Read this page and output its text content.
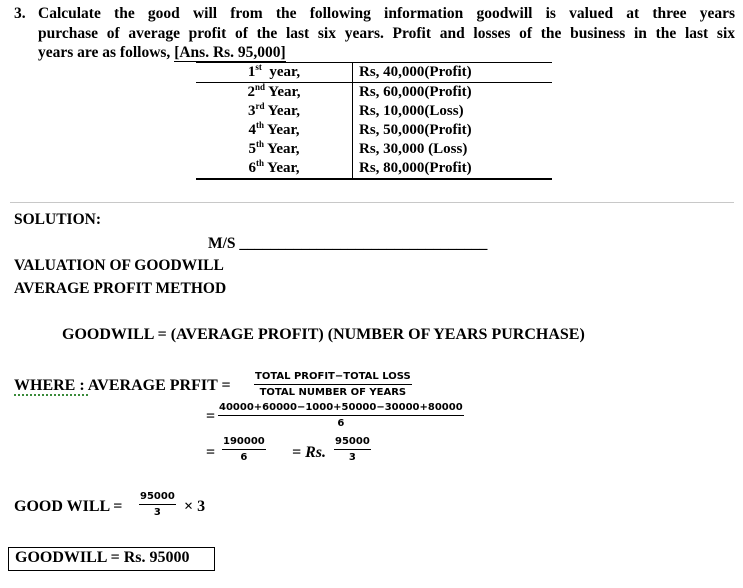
3. Calculate the good will from the following information goodwill is valued at three years
purchase of average profit of the last six years. Profit and losses of the business in the last six
years are as follows, [Ans. Rs. 95,000]
1st  year,	Rs, 40,000(Profit)
2nd Year,	Rs, 60,000(Profit)
3rd Year,	Rs, 10,000(Loss)
4th Year,	Rs, 50,000(Profit)
5th Year,	Rs, 30,000 (Loss)
6th Year,	Rs, 80,000(Profit)
SOLUTION:
M/S ________________________________
VALUATION OF GOODWILL
AVERAGE PROFIT METHOD
GOODWILL = (AVERAGE PROFIT) (NUMBER OF YEARS PURCHASE)
WHERE : AVERAGE PRFIT =
TOTAL PROFIT−TOTAL LOSS
TOTAL NUMBER OF YEARS
= $\frac{40000+60000-1000+50000-30000+80000}{6}$
= $\frac{190000}{6} = Rs$. $\frac{95000}{3}$
GOOD WILL = $\frac{95000}{3} \times 3$
GOODWILL = Rs. 95000
